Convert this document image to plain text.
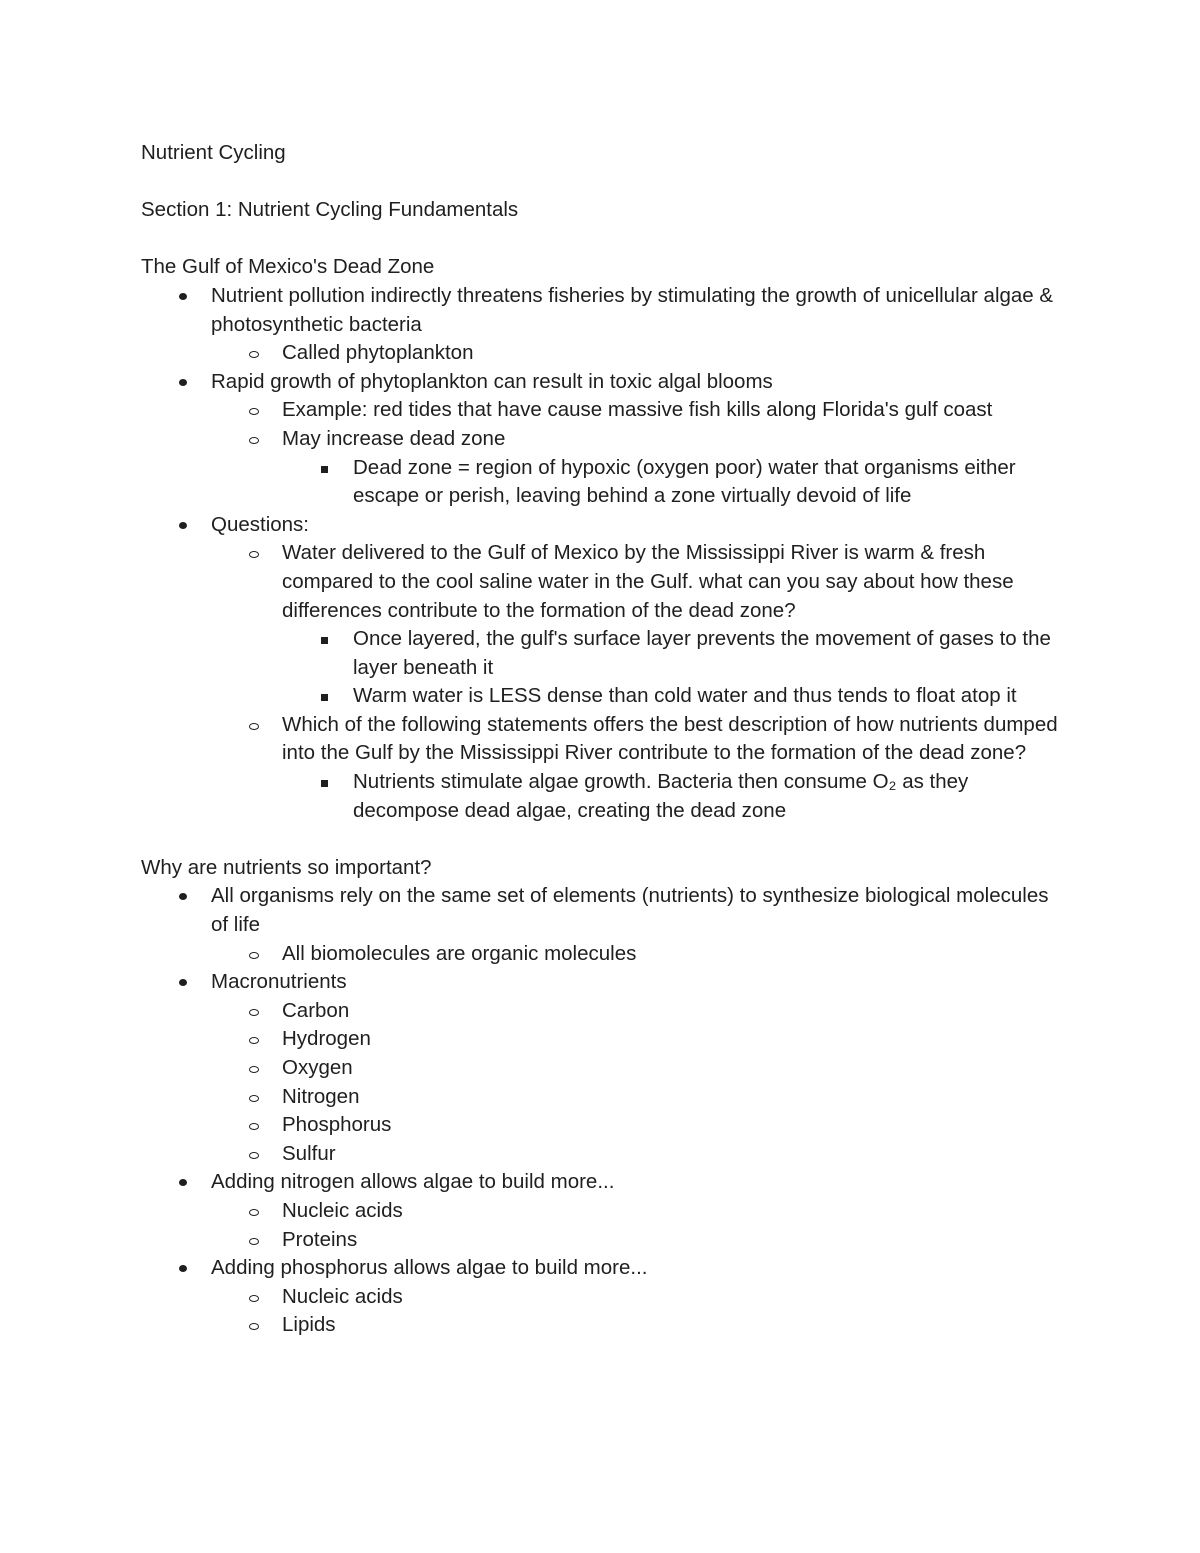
Nutrient Cycling

Section 1: Nutrient Cycling Fundamentals

The Gulf of Mexico's Dead Zone

Nutrient pollution indirectly threatens fisheries by stimulating the growth of unicellular algae & photosynthetic bacteria
Called phytoplankton
Rapid growth of phytoplankton can result in toxic algal blooms
Example: red tides that have cause massive fish kills along Florida's gulf coast
May increase dead zone
Dead zone = region of hypoxic (oxygen poor) water that organisms either escape or perish, leaving behind a zone virtually devoid of life
Questions:
Water delivered to the Gulf of Mexico by the Mississippi River is warm & fresh compared to the cool saline water in the Gulf. what can you say about how these differences contribute to the formation of the dead zone?
Once layered, the gulf's surface layer prevents the movement of gases to the layer beneath it
Warm water is LESS dense than cold water and thus tends to float atop it
Which of the following statements offers the best description of how nutrients dumped into the Gulf by the Mississippi River contribute to the formation of the dead zone?
Nutrients stimulate algae growth. Bacteria then consume O₂ as they decompose dead algae, creating the dead zone

Why are nutrients so important?

All organisms rely on the same set of elements (nutrients) to synthesize biological molecules of life
All biomolecules are organic molecules
Macronutrients
Carbon
Hydrogen
Oxygen
Nitrogen
Phosphorus
Sulfur
Adding nitrogen allows algae to build more...
Nucleic acids
Proteins
Adding phosphorus allows algae to build more...
Nucleic acids
Lipids
